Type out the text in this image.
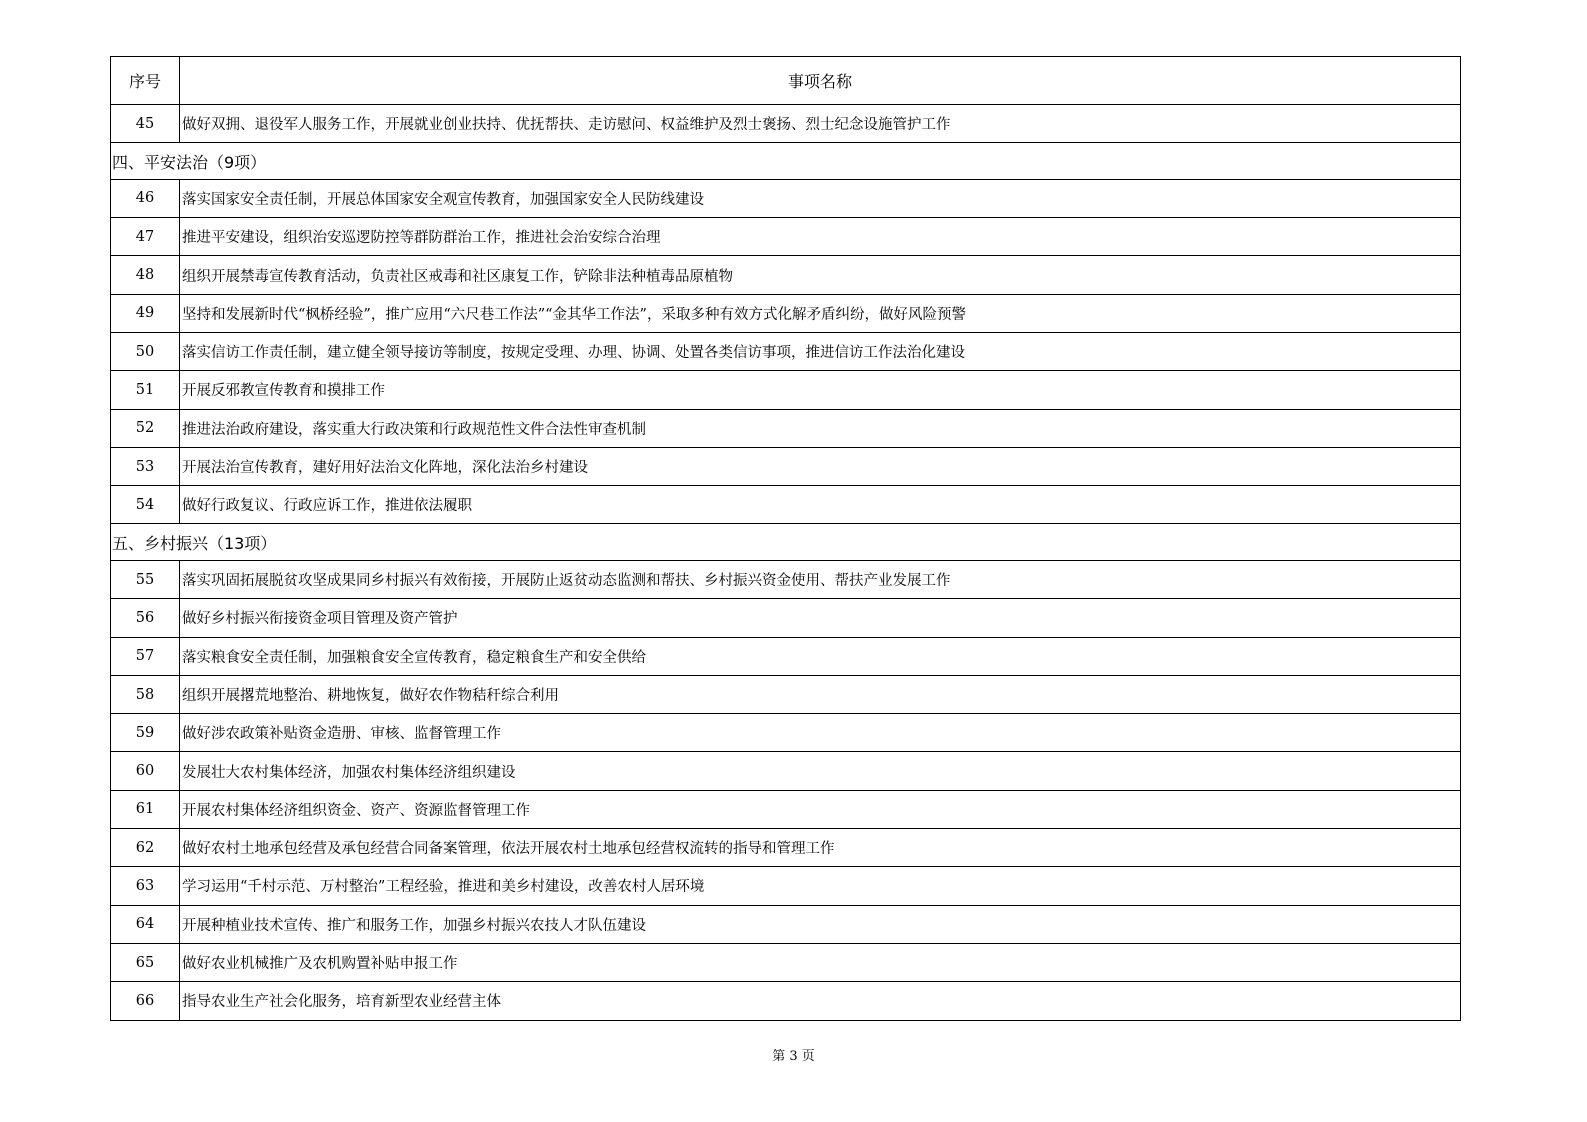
序号	事项名称
45	做好双拥、退役军人服务工作，开展就业创业扶持、优抚帮扶、走访慰问、权益维护及烈士褒扬、烈士纪念设施管护工作
四、平安法治（9项）	
46	落实国家安全责任制，开展总体国家安全观宣传教育，加强国家安全人民防线建设
47	推进平安建设，组织治安巡逻防控等群防群治工作，推进社会治安综合治理
48	组织开展禁毒宣传教育活动，负责社区戒毒和社区康复工作，铲除非法种植毒品原植物
49	坚持和发展新时代“枫桥经验”，推广应用“六尺巷工作法”“金其华工作法”，采取多种有效方式化解矛盾纠纷，做好风险预警
50	落实信访工作责任制，建立健全领导接访等制度，按规定受理、办理、协调、处置各类信访事项，推进信访工作法治化建设
51	开展反邪教宣传教育和摸排工作
52	推进法治政府建设，落实重大行政决策和行政规范性文件合法性审查机制
53	开展法治宣传教育，建好用好法治文化阵地，深化法治乡村建设
54	做好行政复议、行政应诉工作，推进依法履职
五、乡村振兴（13项）	
55	落实巩固拓展脱贫攻坚成果同乡村振兴有效衔接，开展防止返贫动态监测和帮扶、乡村振兴资金使用、帮扶产业发展工作
56	做好乡村振兴衔接资金项目管理及资产管护
57	落实粮食安全责任制，加强粮食安全宣传教育，稳定粮食生产和安全供给
58	组织开展撂荒地整治、耕地恢复，做好农作物秸秆综合利用
59	做好涉农政策补贴资金造册、审核、监督管理工作
60	发展壮大农村集体经济，加强农村集体经济组织建设
61	开展农村集体经济组织资金、资产、资源监督管理工作
62	做好农村土地承包经营及承包经营合同备案管理，依法开展农村土地承包经营权流转的指导和管理工作
63	学习运用“千村示范、万村整治”工程经验，推进和美乡村建设，改善农村人居环境
64	开展种植业技术宣传、推广和服务工作，加强乡村振兴农技人才队伍建设
65	做好农业机械推广及农机购置补贴申报工作
66	指导农业生产社会化服务，培育新型农业经营主体
第 3 页
